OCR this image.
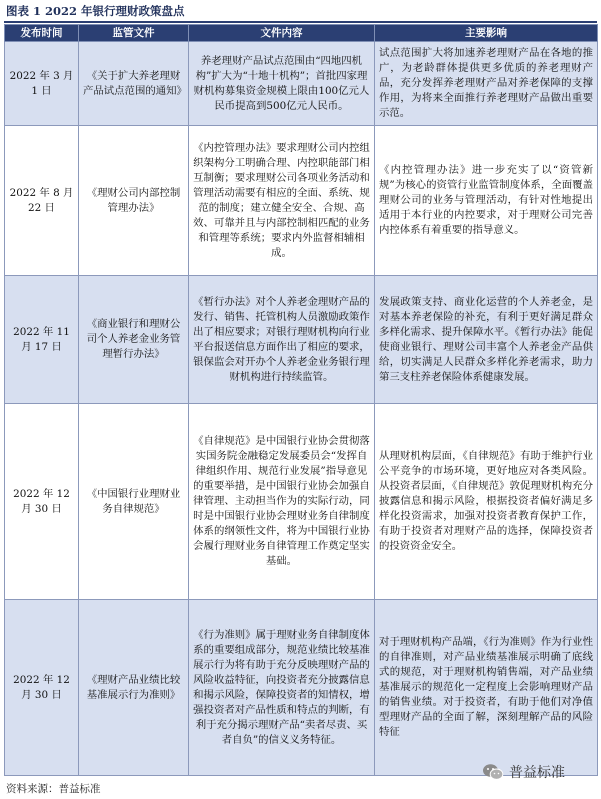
图表 1 2022 年银行理财政策盘点
发布时间	监管文件	文件内容	主要影响
2022 年 3 月 1 日	《关于扩大养老理财产品试点范围的通知》	养老理财产品试点范围由“四地四机构”扩大为“十地十机构”；首批四家理财机构募集资金规模上限由100亿元人民币提高到500亿元人民币。	试点范围扩大将加速养老理财产品在各地的推广，为老龄群体提供更多优质的养老理财产品，充分发挥养老理财产品对养老保障的支撑作用，为将来全面推行养老理财产品做出重要示范。
2022 年 8 月 22 日	《理财公司内部控制管理办法》	《内控管理办法》要求理财公司内控组织架构分工明确合理、内控职能部门相互制衡；要求理财公司各项业务活动和管理活动需要有相应的全面、系统、规范的制度；建立健全安全、合规、高效、可靠并且与内部控制相匹配的业务和管理等系统；要求内外监督相辅相成。	《内控管理办法》进一步充实了以“资管新规”为核心的资管行业监管制度体系，全面覆盖理财公司的业务与管理活动，有针对性地提出适用于本行业的内控要求，对于理财公司完善内控体系有着重要的指导意义。
2022 年 11 月 17 日	《商业银行和理财公司个人养老金业务管理暂行办法》	《暂行办法》对个人养老金理财产品的发行、销售、托管机构人员激励政策作出了相应要求；对银行理财机构向行业平台报送信息方面作出了相应的要求，银保监会对开办个人养老金业务银行理财机构进行持续监管。	发展政策支持、商业化运营的个人养老金，是对基本养老保险的补充，有利于更好满足群众多样化需求、提升保障水平。《暂行办法》能促使商业银行、理财公司丰富个人养老金产品供给，切实满足人民群众多样化养老需求，助力第三支柱养老保险体系健康发展。
2022 年 12 月 30 日	《中国银行业理财业务自律规范》	《自律规范》是中国银行业协会贯彻落实国务院金融稳定发展委员会“发挥自律组织作用、规范行业发展”指导意见的重要举措，是中国银行业协会加强自律管理、主动担当作为的实际行动，同时是中国银行业协会理财业务自律制度体系的纲领性文件，将为中国银行业协会履行理财业务自律管理工作奠定坚实基础。	从理财机构层面，《自律规范》有助于维护行业公平竞争的市场环境，更好地应对各类风险。从投资者层面，《自律规范》敦促理财机构充分披露信息和揭示风险，根据投资者偏好满足多样化投资需求，加强对投资者教育保护工作，有助于投资者对理财产品的选择，保障投资者的投资资金安全。
2022 年 12 月 30 日	《理财产品业绩比较基准展示行为准则》	《行为准则》属于理财业务自律制度体系的重要组成部分，规范业绩比较基准展示行为将有助于充分反映理财产品的风险收益特征，向投资者充分披露信息和揭示风险，保障投资者的知情权，增强投资者对产品性质和特点的判断，有利于充分揭示理财产品“卖者尽责、买者自负”的信义义务特征。	对于理财机构产品端，《行为准则》作为行业性的自律准则，对产品业绩基准展示明确了底线式的规范，对于理财机构销售端，对产品业绩基准展示的规范化一定程度上会影响理财产品的销售业绩。对于投资者，有助于他们对净值型理财产品的全面了解，深刻理解产品的风险特征
资料来源：普益标准
普益标准
